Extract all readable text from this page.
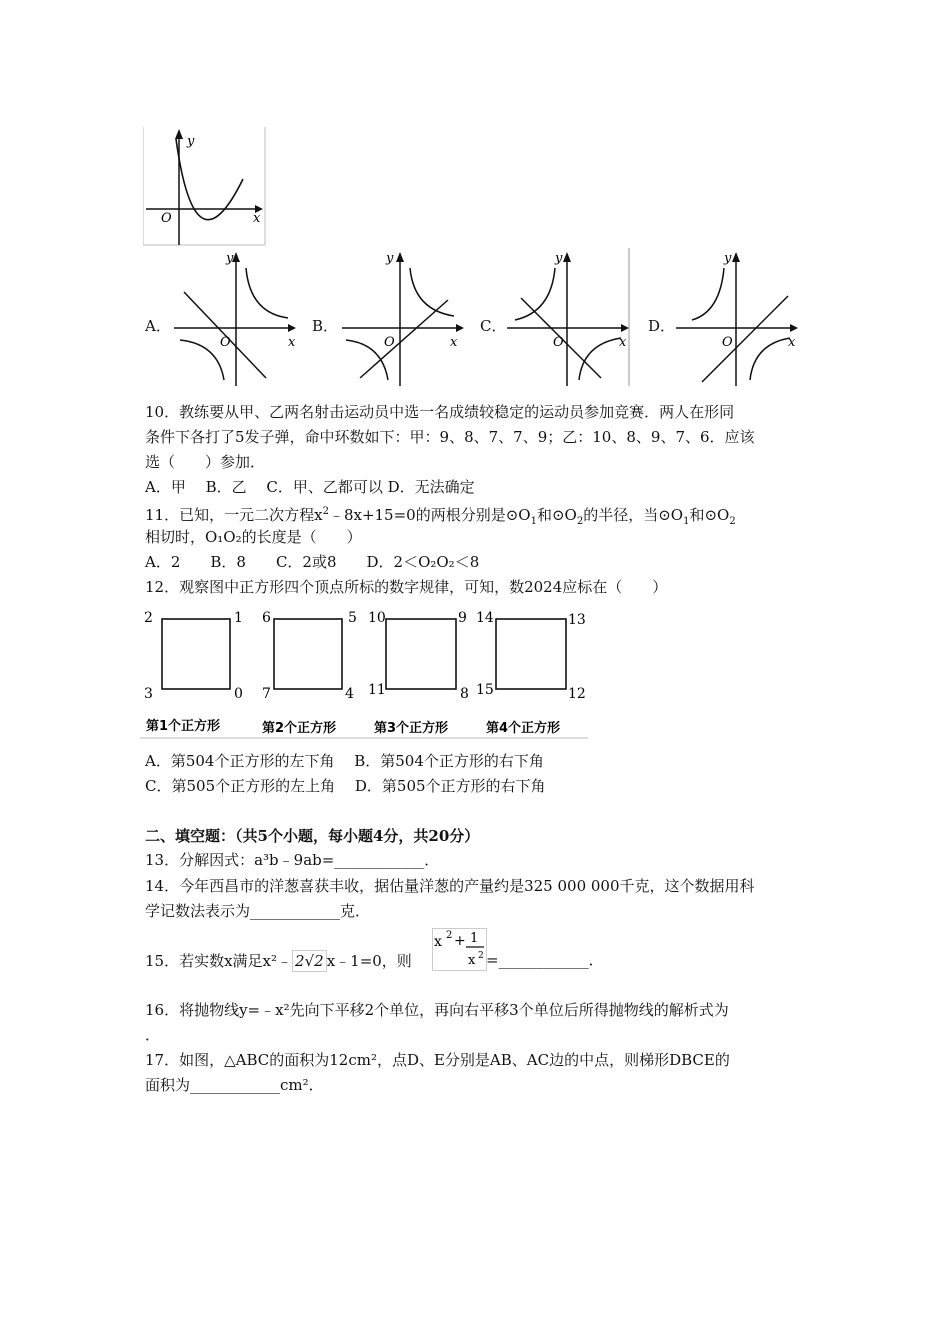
y
x
O
A．	B．	C．	D．
y
x
O
y
x
O
y
x
O
y
x
O
10．教练要从甲、乙两名射击运动员中选一名成绩较稳定的运动员参加竞赛．两人在形同
条件下各打了5发子弹，命中环数如下：甲：9、8、7、7、9；乙：10、8、9、7、6．应该
选（　　）参加．
A．甲　 B．乙　 C．甲、乙都可以 D．无法确定
11．已知，一元二次方程$x^2﹣8x+15=0$的两根分别是$⊙O_1$和$⊙O_2$的半径，当$⊙O_1$和$⊙O_2$
相切时，O₁O₂的长度是（　　）
A．2　　B．8　　C．2或8　　D．2＜O₂O₂＜8
12．观察图中正方形四个顶点所标的数字规律，可知，数2024应标在（　　）
2	1
3	0
第1个正方形
6	5
7	4
第2个正方形
10	9
11	8
第3个正方形
14	13
15	12
第4个正方形
A．第504个正方形的左下角　 B．第504个正方形的右下角
C．第505个正方形的左上角　 D．第505个正方形的右下角
二、填空题：（共5个小题，每小题4分，共20分）
13．分解因式：a³b﹣9ab=____________．
14．今年西昌市的洋葱喜获丰收，据估量洋葱的产量约是325 000 000千克，这个数据用科
学记数法表示为____________克．
15．若实数x满足x²﹣ 2√2 x﹣1=0，则
x 2 + 1
x 2 =____________．
16．将抛物线y=﹣x²先向下平移2个单位，再向右平移3个单位后所得抛物线的解析式为
．
17．如图，△ABC的面积为12cm²，点D、E分别是AB、AC边的中点，则梯形DBCE的
面积为____________cm²．
